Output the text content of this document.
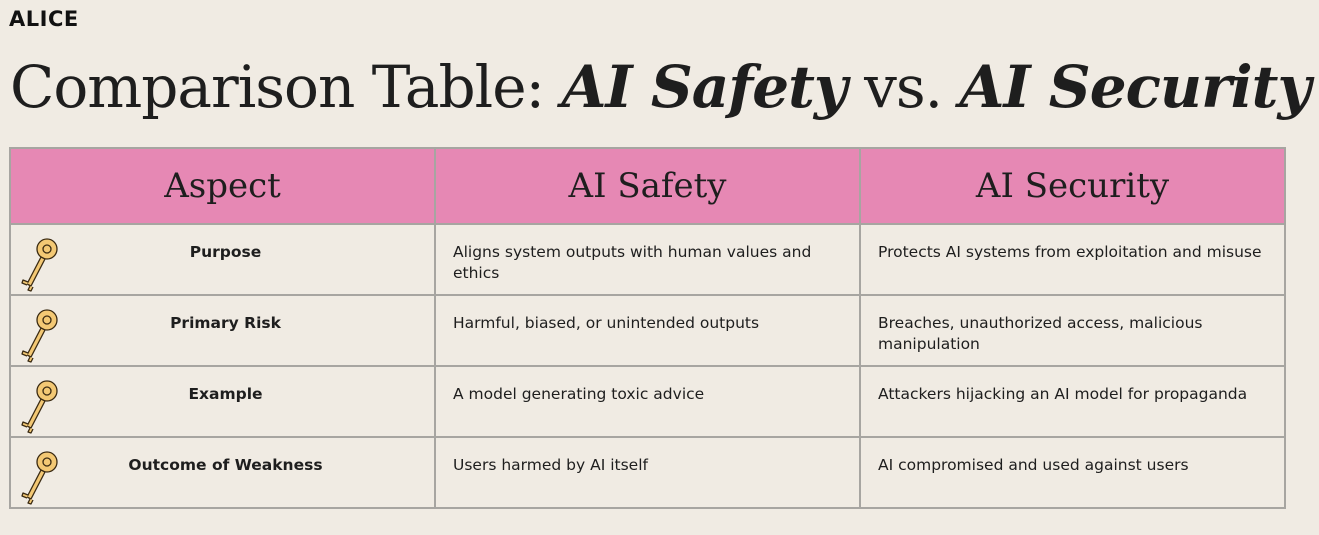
ALICE
Comparison Table: AI Safety vs. AI Security
Aspect	AI Safety	AI Security

Purpose	Aligns system outputs with human values and ethics	Protects AI systems from exploitation and misuse

Primary Risk	Harmful, biased, or unintended outputs	Breaches, unauthorized access, malicious manipulation

Example	A model generating toxic advice	Attackers hijacking an AI model for propaganda

Outcome of Weakness	Users harmed by AI itself	AI compromised and used against users
